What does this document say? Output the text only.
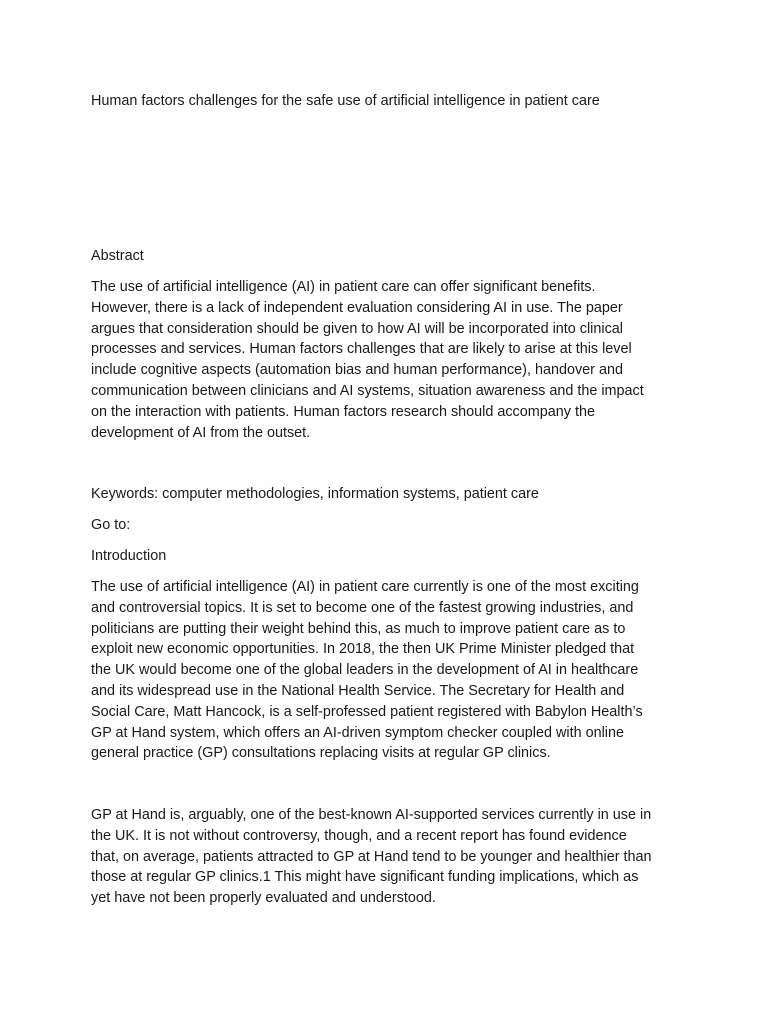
Human factors challenges for the safe use of artificial intelligence in patient care

Abstract

The use of artificial intelligence (AI) in patient care can offer significant benefits.
However, there is a lack of independent evaluation considering AI in use. The paper
argues that consideration should be given to how AI will be incorporated into clinical
processes and services. Human factors challenges that are likely to arise at this level
include cognitive aspects (automation bias and human performance), handover and
communication between clinicians and AI systems, situation awareness and the impact
on the interaction with patients. Human factors research should accompany the
development of AI from the outset.

Keywords: computer methodologies, information systems, patient care

Go to:

Introduction

The use of artificial intelligence (AI) in patient care currently is one of the most exciting
and controversial topics. It is set to become one of the fastest growing industries, and
politicians are putting their weight behind this, as much to improve patient care as to
exploit new economic opportunities. In 2018, the then UK Prime Minister pledged that
the UK would become one of the global leaders in the development of AI in healthcare
and its widespread use in the National Health Service. The Secretary for Health and
Social Care, Matt Hancock, is a self-professed patient registered with Babylon Health’s
GP at Hand system, which offers an AI-driven symptom checker coupled with online
general practice (GP) consultations replacing visits at regular GP clinics.
GP at Hand is, arguably, one of the best-known AI-supported services currently in use in
the UK. It is not without controversy, though, and a recent report has found evidence
that, on average, patients attracted to GP at Hand tend to be younger and healthier than
those at regular GP clinics.1 This might have significant funding implications, which as
yet have not been properly evaluated and understood.
